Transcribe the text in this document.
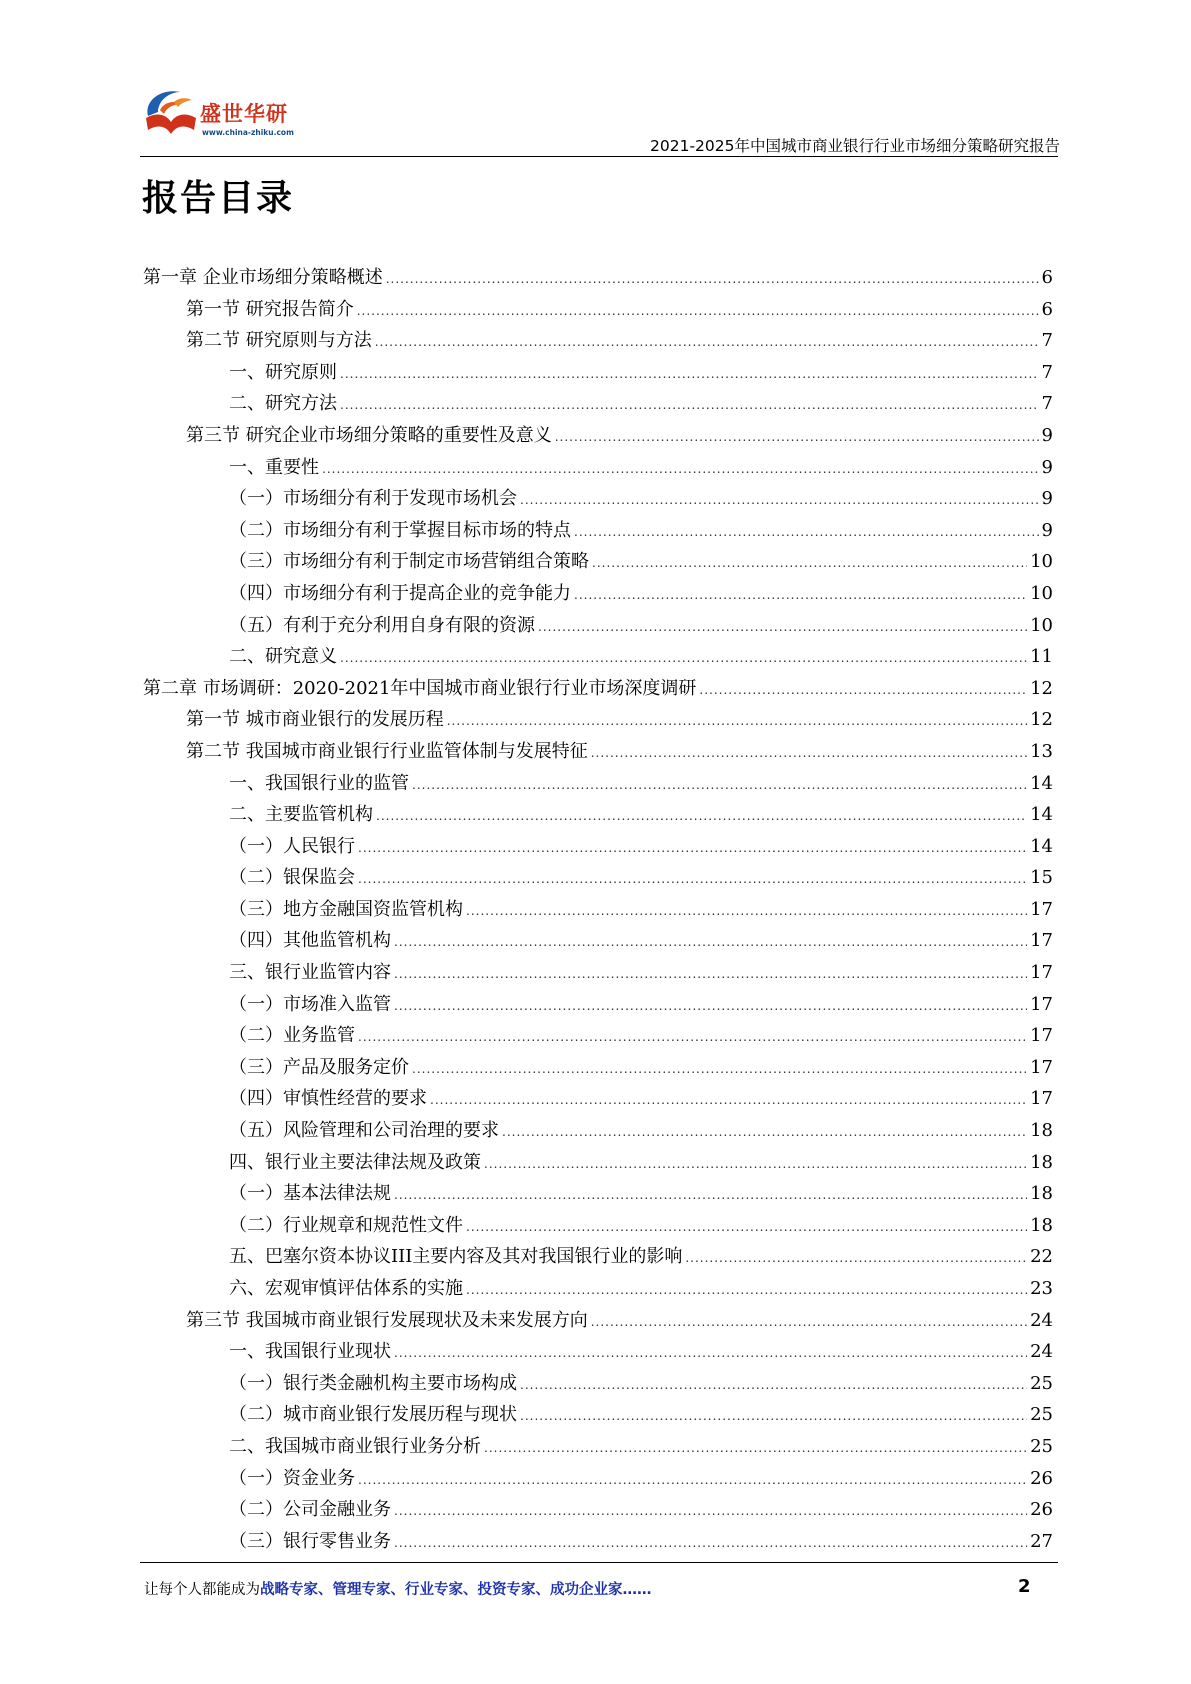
盛世华研
www.china-zhiku.com
2021-2025年中国城市商业银行行业市场细分策略研究报告
报告目录
第一章 企业市场细分策略概述 .....	6
第一节 研究报告简介 .....	6
第二节 研究原则与方法 .....	7
一、研究原则 .....	7
二、研究方法 .....	7
第三节 研究企业市场细分策略的重要性及意义 .....	9
一、重要性 .....	9
（一）市场细分有利于发现市场机会 .....	9
（二）市场细分有利于掌握目标市场的特点 .....	9
（三）市场细分有利于制定市场营销组合策略 .....	10
（四）市场细分有利于提高企业的竞争能力 .....	10
（五）有利于充分利用自身有限的资源 .....	10
二、研究意义 .....	11
第二章 市场调研：2020-2021年中国城市商业银行行业市场深度调研 .....	12
第一节 城市商业银行的发展历程 .....	12
第二节 我国城市商业银行行业监管体制与发展特征 .....	13
一、我国银行业的监管 .....	14
二、主要监管机构 .....	14
（一）人民银行 .....	14
（二）银保监会 .....	15
（三）地方金融国资监管机构 .....	17
（四）其他监管机构 .....	17
三、银行业监管内容 .....	17
（一）市场准入监管 .....	17
（二）业务监管 .....	17
（三）产品及服务定价 .....	17
（四）审慎性经营的要求 .....	17
（五）风险管理和公司治理的要求 .....	18
四、银行业主要法律法规及政策 .....	18
（一）基本法律法规 .....	18
（二）行业规章和规范性文件 .....	18
五、巴塞尔资本协议III主要内容及其对我国银行业的影响 .....	22
六、宏观审慎评估体系的实施 .....	23
第三节 我国城市商业银行发展现状及未来发展方向 .....	24
一、我国银行业现状 .....	24
（一）银行类金融机构主要市场构成 .....	25
（二）城市商业银行发展历程与现状 .....	25
二、我国城市商业银行业务分析 .....	25
（一）资金业务 .....	26
（二）公司金融业务 .....	26
（三）银行零售业务 .....	27
让每个人都能成为战略专家、管理专家、行业专家、投资专家、成功企业家……	2
